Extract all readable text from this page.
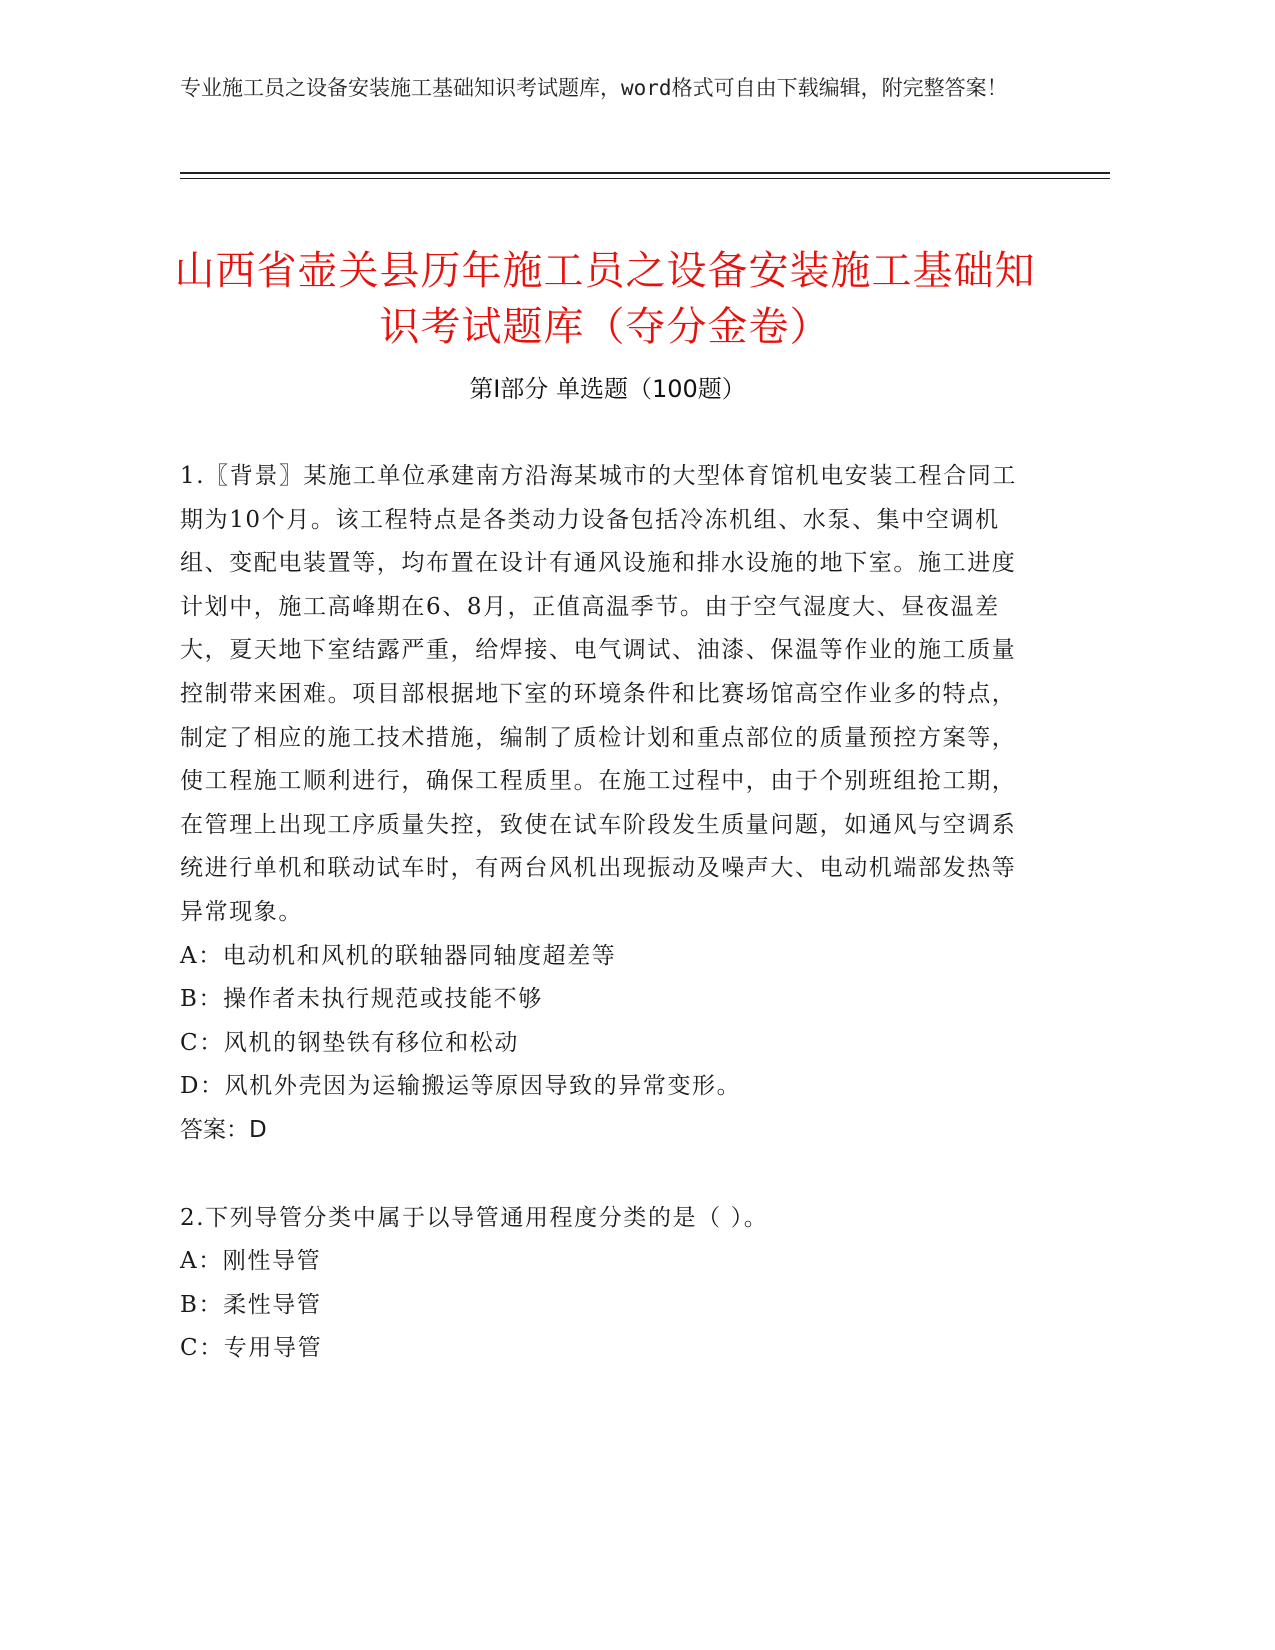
专业施工员之设备安装施工基础知识考试题库，word格式可自由下载编辑，附完整答案！
山西省壶关县历年施工员之设备安装施工基础知识考试题库（夺分金卷）
第Ⅰ部分 单选题（100题）

1.〖背景〗某施工单位承建南方沿海某城市的大型体育馆机电安装工程合同工期为10个月。该工程特点是各类动力设备包括冷冻机组、水泵、集中空调机组、变配电装置等，均布置在设计有通风设施和排水设施的地下室。施工进度计划中，施工高峰期在6、8月，正值高温季节。由于空气湿度大、昼夜温差大，夏天地下室结露严重，给焊接、电气调试、油漆、保温等作业的施工质量控制带来困难。项目部根据地下室的环境条件和比赛场馆高空作业多的特点，制定了相应的施工技术措施，编制了质检计划和重点部位的质量预控方案等，使工程施工顺利进行，确保工程质里。在施工过程中，由于个别班组抢工期，在管理上出现工序质量失控，致使在试车阶段发生质量问题，如通风与空调系统进行单机和联动试车时，有两台风机出现振动及噪声大、电动机端部发热等异常现象。

A：电动机和风机的联轴器同轴度超差等

B：操作者未执行规范或技能不够

C：风机的钢垫铁有移位和松动

D：风机外壳因为运输搬运等原因导致的异常变形。

答案：D

2.下列导管分类中属于以导管通用程度分类的是（ ）。

A：刚性导管

B：柔性导管

C：专用导管
